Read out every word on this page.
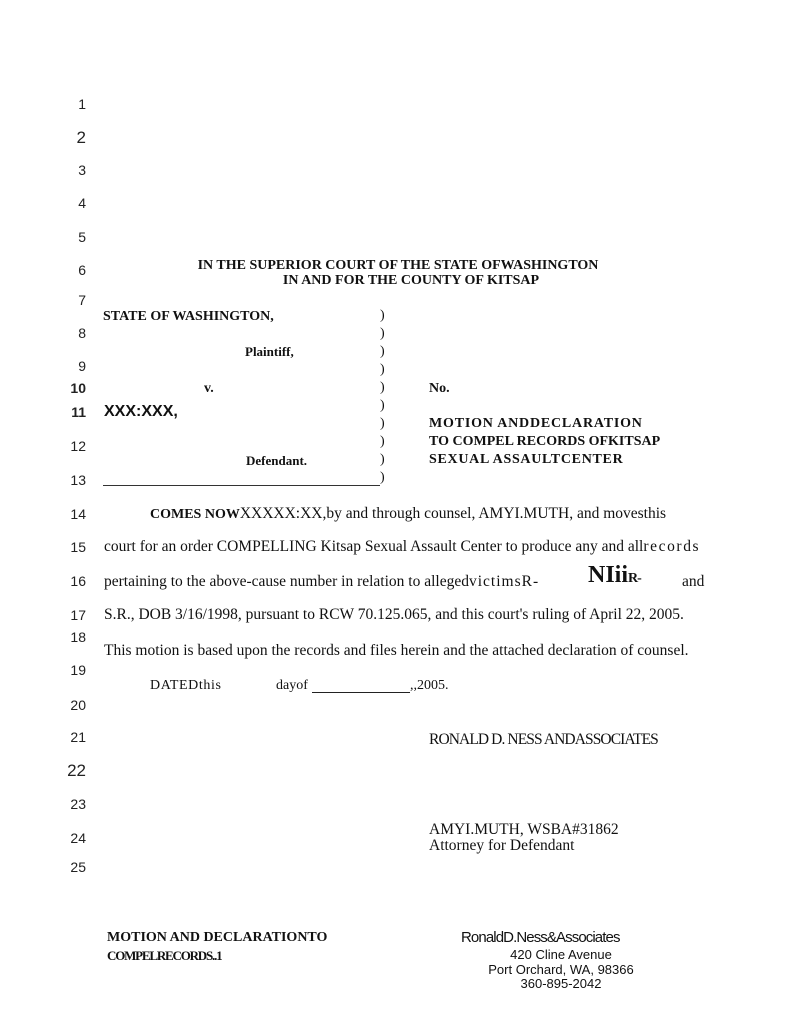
1
2
3
4
5
6
7
8
9
10
11
12
13
14
15
16
17
18
19
20
21
22
23
24
25
IN THE SUPERIOR COURT OF THE STATE OFWASHINGTON
IN AND FOR THE COUNTY OF KITSAP
STATE OF WASHINGTON,
Plaintiff,
v.
XXX:XXX,
Defendant.
)
)
)
)
)
)
)
)
)
)
No.
MOTION ANDDECLARATION
TO COMPEL RECORDS OFKITSAP
SEXUAL ASSAULTCENTER
COMES NOWXXXXX:XX,by and through counsel, AMYI.MUTH, and movesthis
court for an order COMPELLING Kitsap Sexual Assault Center to produce any and allrecords
pertaining to the above-cause number in relation to allegedvictimsR- NIiiR-	and
S.R., DOB 3/16/1998, pursuant to RCW 70.125.065, and this court's ruling of April 22, 2005.
This motion is based upon the records and files herein and the attached declaration of counsel.
DATEDthis	dayof	,,2005.
RONALD D. NESS ANDASSOCIATES
AMYI.MUTH, WSBA#31862
Attorney for Defendant
MOTION AND DECLARATIONTO
COMPELRECORDS..1
RonaldD.Ness&Associates
420 Cline Avenue
Port Orchard, WA, 98366
360-895-2042
